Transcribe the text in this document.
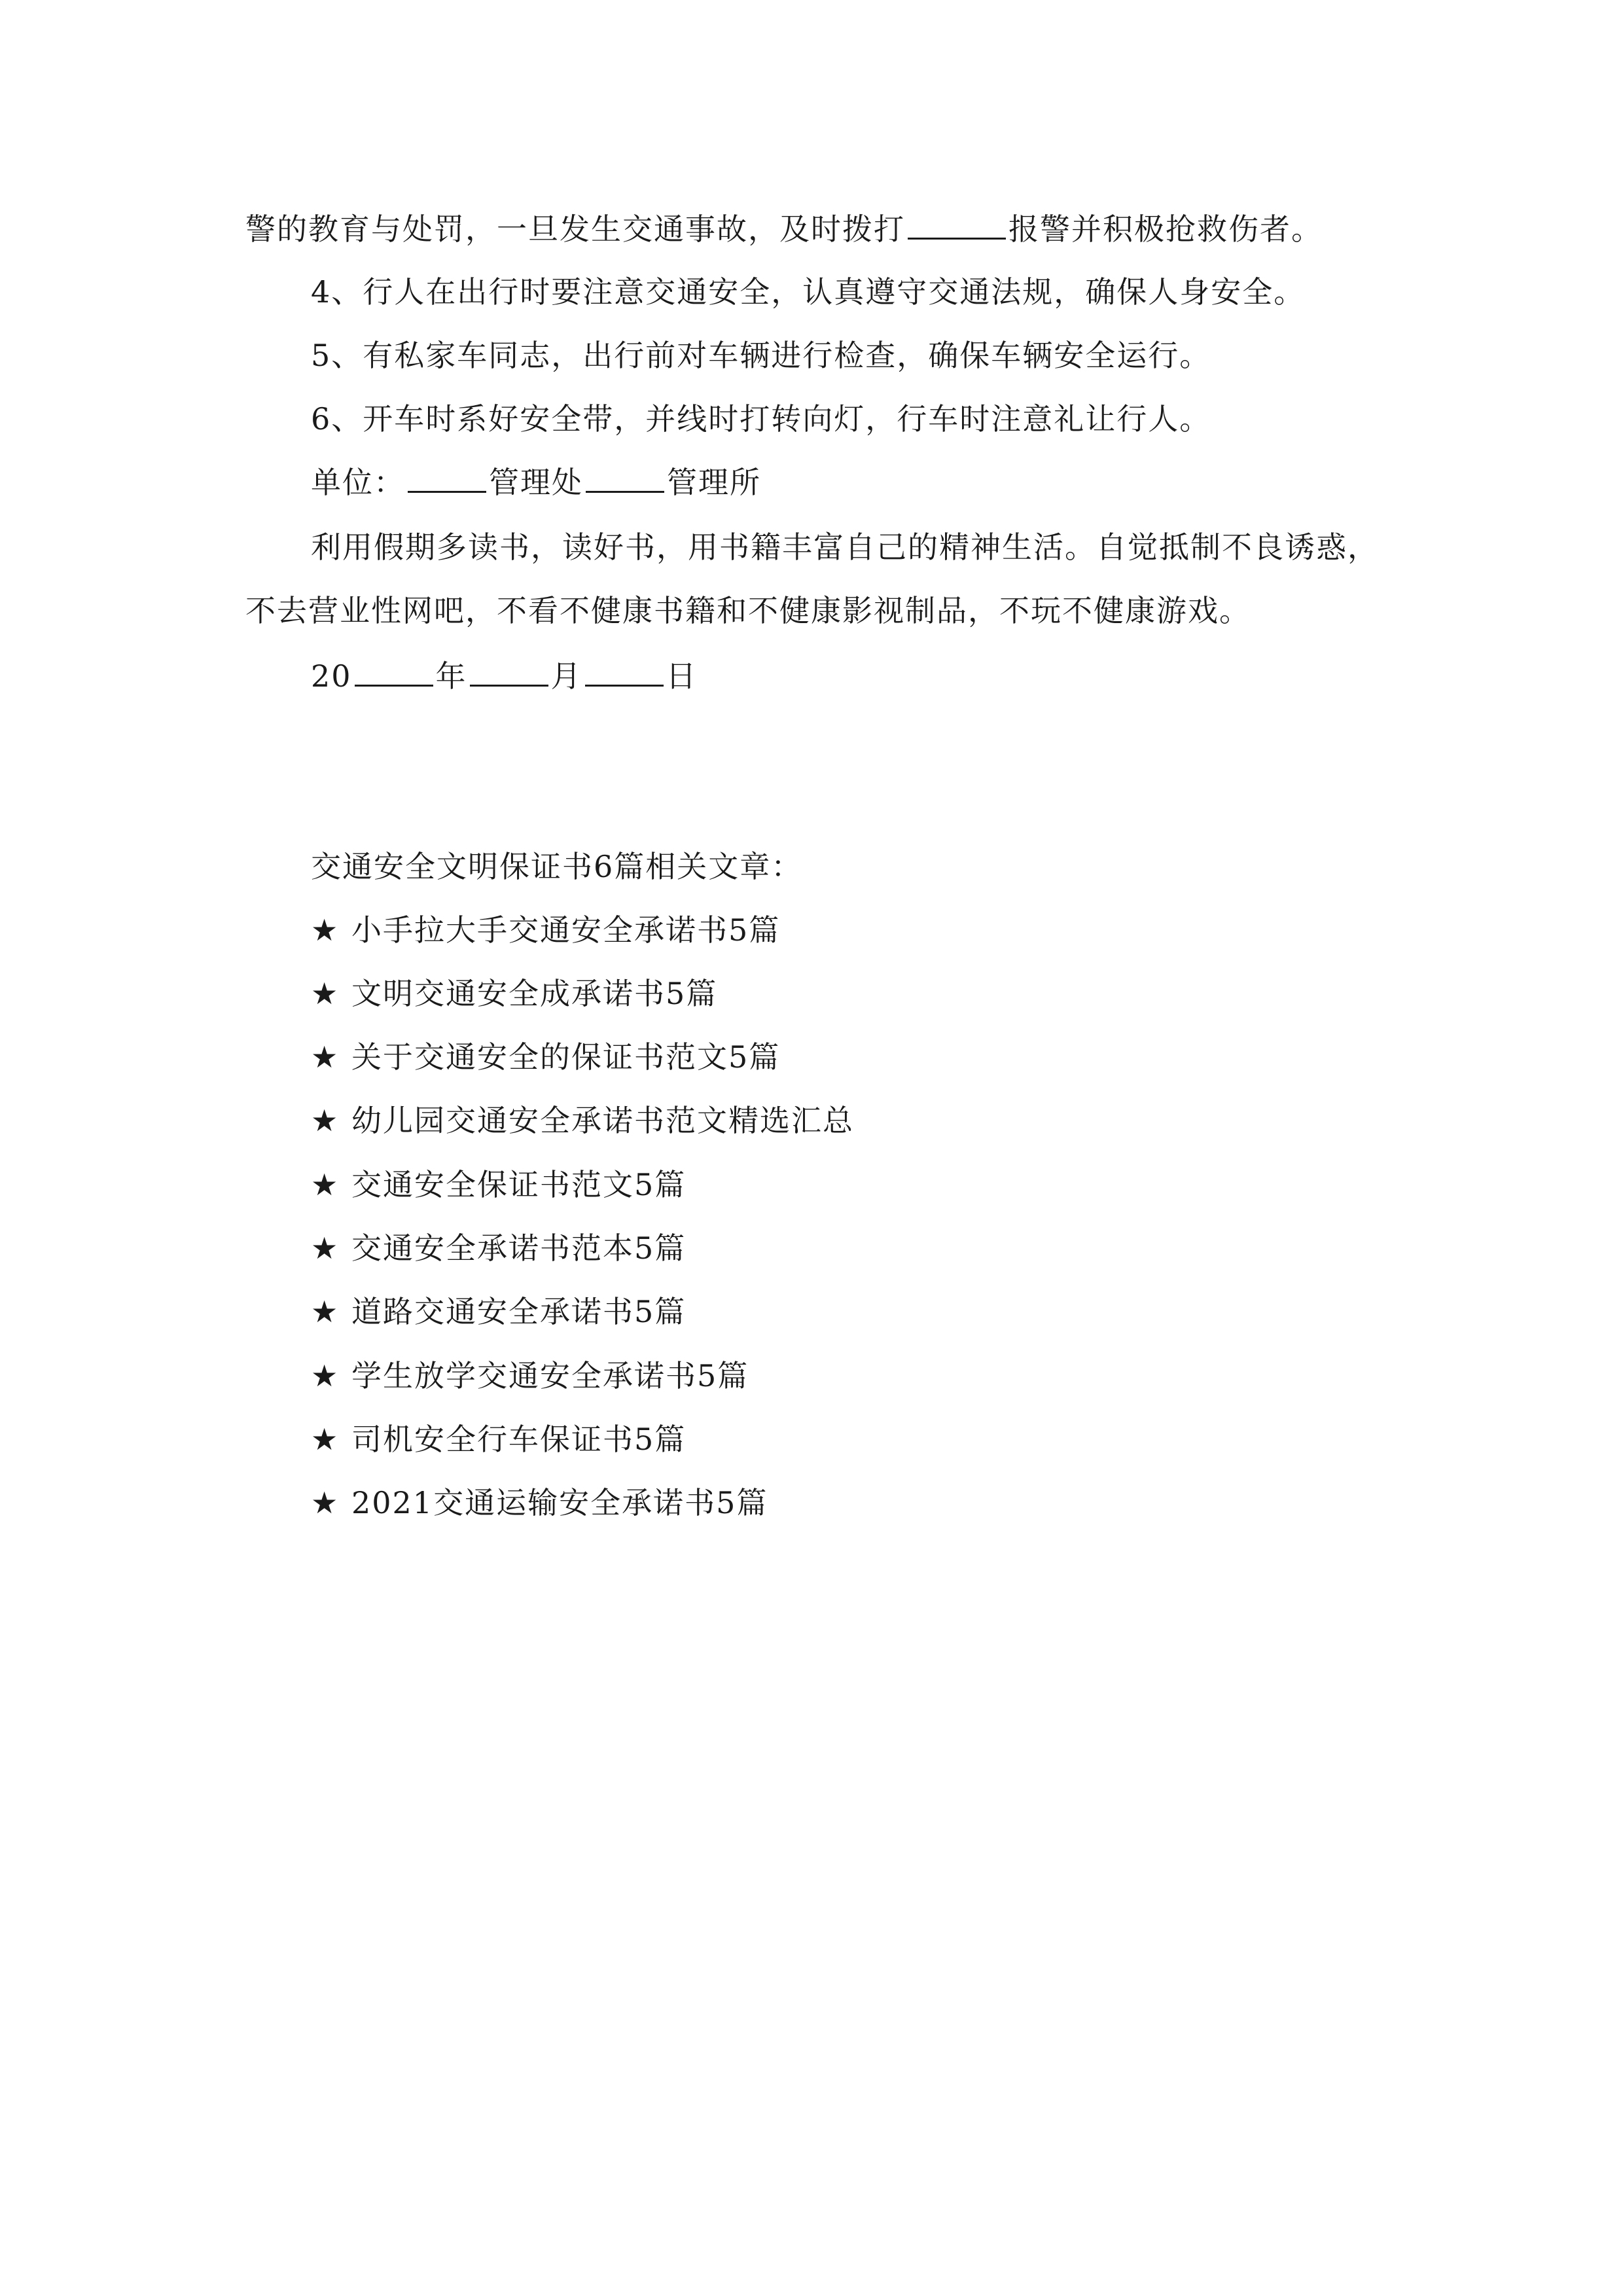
警的教育与处罚，一旦发生交通事故，及时拨打	报警并积极抢救伤者。
4、行人在出行时要注意交通安全，认真遵守交通法规，确保人身安全。
5、有私家车同志，出行前对车辆进行检查，确保车辆安全运行。
6、开车时系好安全带，并线时打转向灯，行车时注意礼让行人。
单位：	管理处	管理所
利用假期多读书，读好书，用书籍丰富自己的精神生活。自觉抵制不良诱惑，
不去营业性网吧，不看不健康书籍和不健康影视制品，不玩不健康游戏。
20	年	月	日
交通安全文明保证书6篇相关文章：
★ 小手拉大手交通安全承诺书5篇
★ 文明交通安全成承诺书5篇
★ 关于交通安全的保证书范文5篇
★ 幼儿园交通安全承诺书范文精选汇总
★ 交通安全保证书范文5篇
★ 交通安全承诺书范本5篇
★ 道路交通安全承诺书5篇
★ 学生放学交通安全承诺书5篇
★ 司机安全行车保证书5篇
★ 2021交通运输安全承诺书5篇
